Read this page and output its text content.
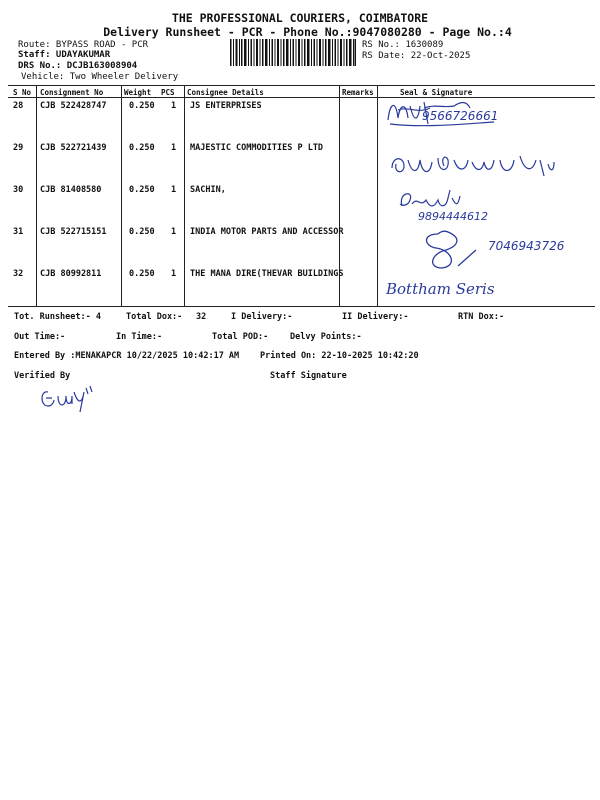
THE PROFESSIONAL COURIERS, COIMBATORE
Delivery Runsheet - PCR - Phone No.:9047080280 - Page No.:4
Route: BYPASS ROAD - PCR
Staff: UDAYAKUMAR
DRS No.: DCJB163008904
Vehicle: Two Wheeler Delivery
RS No.: 1630089
RS Date: 22-Oct-2025
S No Consignment No	Weight PCS Consignee Details	Remarks	Seal & Signature
28 CJB 522428747	0.250 1 JS ENTERPRISES
29 CJB 522721439	0.250 1 MAJESTIC COMMODITIES P LTD
30 CJB 81408580	0.250 1 SACHIN,
31 CJB 522715151	0.250 1 INDIA MOTOR PARTS AND ACCESSOR
32 CJB 80992811	0.250 1 THE MANA DIRE(THEVAR BUILDINGS
9566726661
9894444612
7046943726
Bottham Seris
Tot. Runsheet:- 4	Total Dox:- 32	I Delivery:-	II Delivery:-	RTN Dox:-
Out Time:-	In Time:-	Total POD:-	Delvy Points:-
Entered By :MENAKAPCR 10/22/2025 10:42:17 AM Printed On: 22-10-2025 10:42:20
Verified By	Staff Signature
